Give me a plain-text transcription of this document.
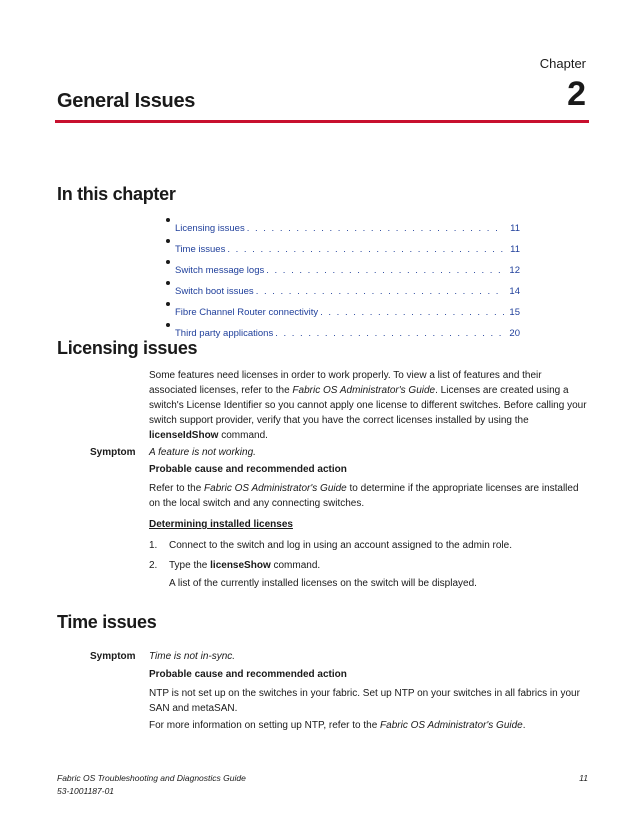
Chapter
2
General Issues
In this chapter
Licensing issues . . .	11
Time issues . . .	11
Switch message logs . . .	12
Switch boot issues . . .	14
Fibre Channel Router connectivity . . .	15
Third party applications . . .	20
Licensing issues

Some features need licenses in order to work properly. To view a list of features and their associated licenses, refer to the Fabric OS Administrator's Guide. Licenses are created using a switch's License Identifier so you cannot apply one license to different switches. Before calling your switch support provider, verify that you have the correct licenses installed by using the licenseIdShow command.

Symptom A feature is not working.
Probable cause and recommended action

Refer to the Fabric OS Administrator's Guide to determine if the appropriate licenses are installed on the local switch and any connecting switches.

Determining installed licenses
1. Connect to the switch and log in using an account assigned to the admin role.
2. Type the licenseShow command.
A list of the currently installed licenses on the switch will be displayed.
Time issues
Symptom Time is not in-sync.
Probable cause and recommended action

NTP is not set up on the switches in your fabric. Set up NTP on your switches in all fabrics in your SAN and metaSAN.

For more information on setting up NTP, refer to the Fabric OS Administrator's Guide.

Fabric OS Troubleshooting and Diagnostics Guide
53-1001187-01
11
